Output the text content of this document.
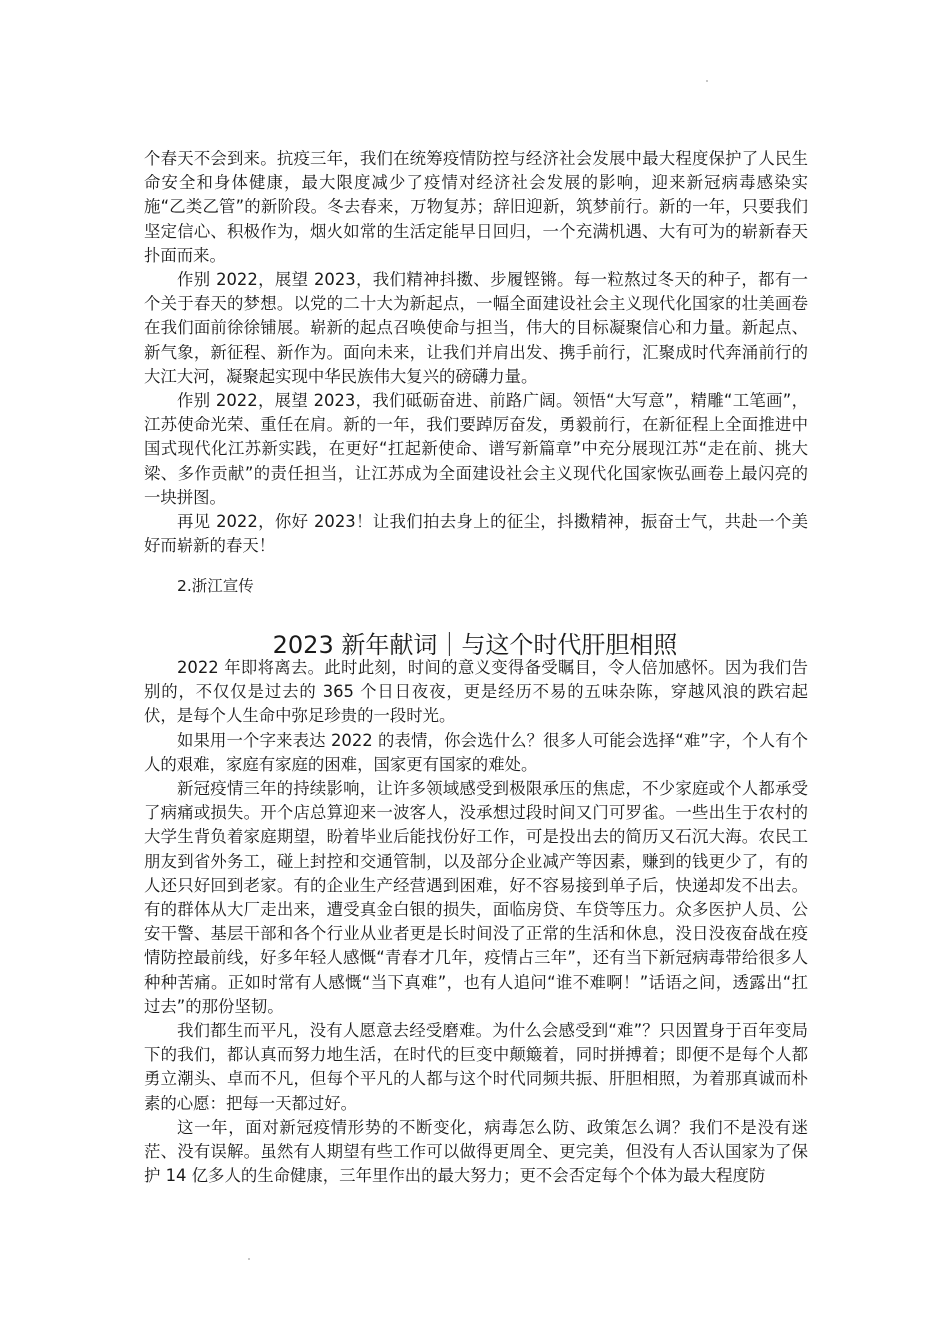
个春天不会到来。抗疫三年，我们在统筹疫情防控与经济社会发展中最大程度保护了人民生命安全和身体健康，最大限度减少了疫情对经济社会发展的影响，迎来新冠病毒感染实施“乙类乙管”的新阶段。冬去春来，万物复苏；辞旧迎新，筑梦前行。新的一年，只要我们坚定信心、积极作为，烟火如常的生活定能早日回归，一个充满机遇、大有可为的崭新春天扑面而来。

作别 2022，展望 2023，我们精神抖擞、步履铿锵。每一粒熬过冬天的种子，都有一个关于春天的梦想。以党的二十大为新起点，一幅全面建设社会主义现代化国家的壮美画卷在我们面前徐徐铺展。崭新的起点召唤使命与担当，伟大的目标凝聚信心和力量。新起点、新气象，新征程、新作为。面向未来，让我们并肩出发、携手前行，汇聚成时代奔涌前行的大江大河，凝聚起实现中华民族伟大复兴的磅礴力量。

作别 2022，展望 2023，我们砥砺奋进、前路广阔。领悟“大写意”，精雕“工笔画”，江苏使命光荣、重任在肩。新的一年，我们要踔厉奋发，勇毅前行，在新征程上全面推进中国式现代化江苏新实践，在更好“扛起新使命、谱写新篇章”中充分展现江苏“走在前、挑大梁、多作贡献”的责任担当，让江苏成为全面建设社会主义现代化国家恢弘画卷上最闪亮的一块拼图。

再见 2022，你好 2023！让我们拍去身上的征尘，抖擞精神，振奋士气，共赴一个美好而崭新的春天！

2.浙江宣传
2023 新年献词｜与这个时代肝胆相照

2022 年即将离去。此时此刻，时间的意义变得备受瞩目，令人倍加感怀。因为我们告别的，不仅仅是过去的 365 个日日夜夜，更是经历不易的五味杂陈，穿越风浪的跌宕起伏，是每个人生命中弥足珍贵的一段时光。

如果用一个字来表达 2022 的表情，你会选什么？很多人可能会选择“难”字，个人有个人的艰难，家庭有家庭的困难，国家更有国家的难处。

新冠疫情三年的持续影响，让许多领域感受到极限承压的焦虑，不少家庭或个人都承受了病痛或损失。开个店总算迎来一波客人，没承想过段时间又门可罗雀。一些出生于农村的大学生背负着家庭期望，盼着毕业后能找份好工作，可是投出去的简历又石沉大海。农民工朋友到省外务工，碰上封控和交通管制，以及部分企业减产等因素，赚到的钱更少了，有的人还只好回到老家。有的企业生产经营遇到困难，好不容易接到单子后，快递却发不出去。有的群体从大厂走出来，遭受真金白银的损失，面临房贷、车贷等压力。众多医护人员、公安干警、基层干部和各个行业从业者更是长时间没了正常的生活和休息，没日没夜奋战在疫情防控最前线，好多年轻人感慨“青春才几年，疫情占三年”，还有当下新冠病毒带给很多人种种苦痛。正如时常有人感慨“当下真难”，也有人追问“谁不难啊！”话语之间，透露出“扛过去”的那份坚韧。

我们都生而平凡，没有人愿意去经受磨难。为什么会感受到“难”？只因置身于百年变局下的我们，都认真而努力地生活，在时代的巨变中颠簸着，同时拼搏着；即便不是每个人都勇立潮头、卓而不凡，但每个平凡的人都与这个时代同频共振、肝胆相照，为着那真诚而朴素的心愿：把每一天都过好。

这一年，面对新冠疫情形势的不断变化，病毒怎么防、政策怎么调？我们不是没有迷茫、没有误解。虽然有人期望有些工作可以做得更周全、更完美，但没有人否认国家为了保护 14 亿多人的生命健康，三年里作出的最大努力；更不会否定每个个体为最大程度防
